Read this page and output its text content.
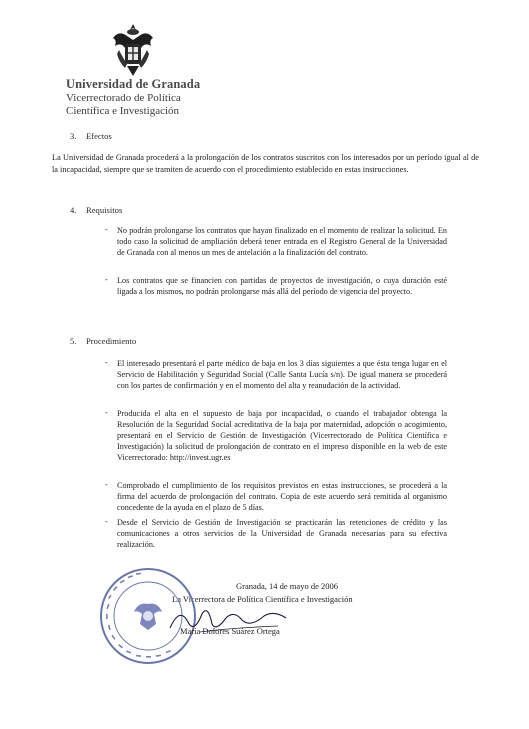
Universidad de Granada
Vicerrectorado de Política
Científica e Investigación
3. Efectos
La Universidad de Granada procederá a la prolongación de los contratos suscritos con los interesados por un período igual al de la incapacidad, siempre que se tramiten de acuerdo con el procedimiento establecido en estas instrucciones.
4. Requisitos
- No podrán prolongarse los contratos que hayan finalizado en el momento de realizar la solicitud. En todo caso la solicitud de ampliación deberá tener entrada en el Registro General de la Universidad de Granada con al menos un mes de antelación a la finalización del contrato.
- Los contratos que se financien con partidas de proyectos de investigación, o cuya duración esté ligada a los mismos, no podrán prolongarse más allá del período de vigencia del proyecto.
5. Procedimiento
- El interesado presentará el parte médico de baja en los 3 días siguientes a que ésta tenga lugar en el Servicio de Habilitación y Seguridad Social (Calle Santa Lucía s/n). De igual manera se procederá con los partes de confirmación y en el momento del alta y reanudación de la actividad.
- Producida el alta en el supuesto de baja por incapacidad, o cuando el trabajador obtenga la Resolución de la Seguridad Social acreditativa de la baja por maternidad, adopción o acogimiento, presentará en el Servicio de Gestión de Investigación (Vicerrectorado de Política Científica e Investigación) la solicitud de prolongación de contrato en el impreso disponible en la web de este Vicerrectorado: http://invest.ugr.es
- Comprobado el cumplimiento de los requisitos previstos en estas instrucciones, se procederá a la firma del acuerdo de prolongación del contrato. Copia de este acuerdo será remitida al organismo concedente de la ayuda en el plazo de 5 días.
- Desde el Servicio de Gestión de Investigación se practicarán las retenciones de crédito y las comunicaciones a otros servicios de la Universidad de Granada necesarias para su efectiva realización.
Granada, 14 de mayo de 2006
La Vicerrectora de Política Científica e Investigación
María Dolores Suárez Ortega
